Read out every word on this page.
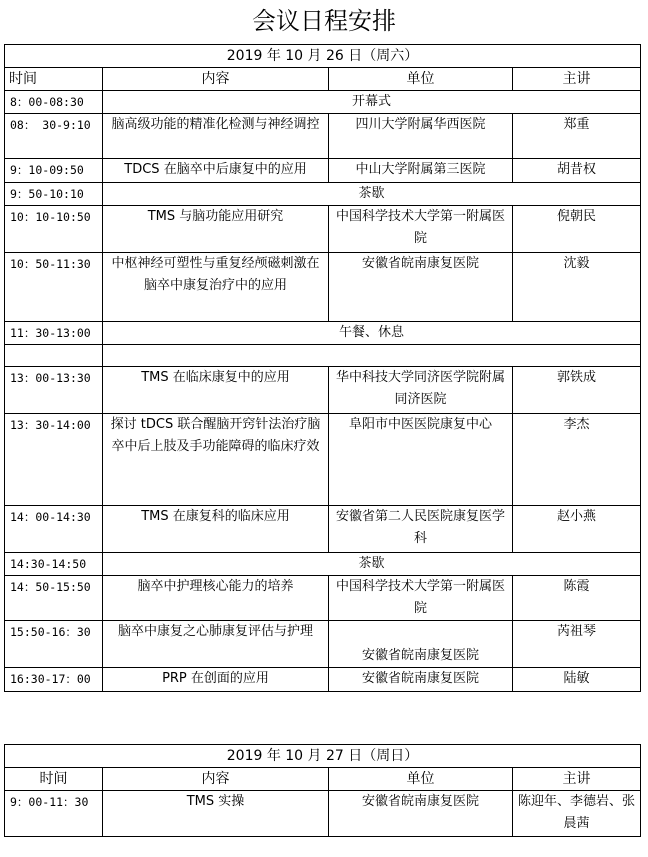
会议日程安排
2019 年 10 月 26 日（周六）			
时间	内容	单位	主讲
8：00-08:30	开幕式		
08： 30-9:10	脑高级功能的精准化检测与神经调控	四川大学附属华西医院	郑重
9：10-09:50	TDCS 在脑卒中后康复中的应用	中山大学附属第三医院	胡昔权
9：50-10:10	茶歇		
10：10-10:50	TMS 与脑功能应用研究	中国科学技术大学第一附属医院	倪朝民
10：50-11:30	中枢神经可塑性与重复经颅磁刺激在脑卒中康复治疗中的应用	安徽省皖南康复医院	沈毅
11：30-13:00	午餐、休息		

13：00-13:30	TMS 在临床康复中的应用	华中科技大学同济医学院附属同济医院	郭铁成
13：30-14:00	探讨 tDCS 联合醒脑开窍针法治疗脑卒中后上肢及手功能障碍的临床疗效	阜阳市中医医院康复中心	李杰
14：00-14:30	TMS 在康复科的临床应用	安徽省第二人民医院康复医学科	赵小燕
14:30-14:50	茶歇		
14：50-15:50	脑卒中护理核心能力的培养	中国科学技术大学第一附属医院	陈霞
15:50-16：30	脑卒中康复之心肺康复评估与护理	安徽省皖南康复医院	芮祖琴
16:30-17：00	PRP 在创面的应用	安徽省皖南康复医院	陆敏
2019 年 10 月 27 日（周日）			
时间	内容	单位	主讲
9：00-11：30	TMS 实操	安徽省皖南康复医院	陈迎年、李德岩、张晨茜
